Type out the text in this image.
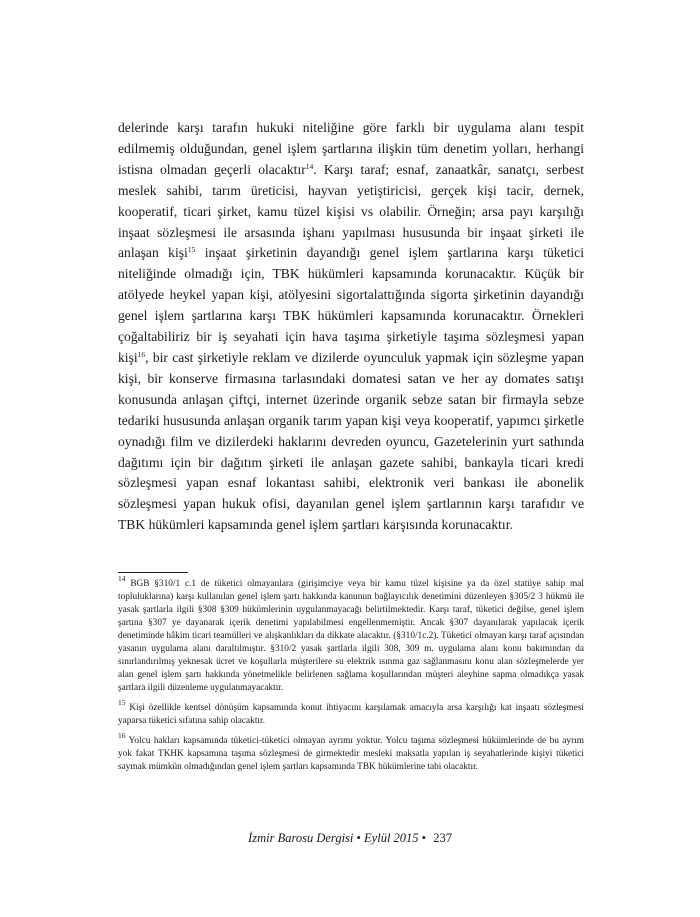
delerinde karşı tarafın hukuki niteliğine göre farklı bir uygulama alanı tespit edilmemiş olduğundan, genel işlem şartlarına ilişkin tüm denetim yolları, herhangi istisna olmadan geçerli olacaktır$^{14}$. Karşı taraf; esnaf, zanaatkâr, sanatçı, serbest meslek sahibi, tarım üreticisi, hayvan yetiştiricisi, gerçek kişi tacir, dernek, kooperatif, ticari şirket, kamu tüzel kişisi vs olabilir. Örneğin; arsa payı karşılığı inşaat sözleşmesi ile arsasında işhanı yapılması hususunda bir inşaat şirketi ile anlaşan kişi$^{15}$ inşaat şirketinin dayandığı genel işlem şartlarına karşı tüketici niteliğinde olmadığı için, TBK hükümleri kapsamında korunacaktır. Küçük bir atölyede heykel yapan kişi, atölyesini sigortalattığında sigorta şirketinin dayandığı genel işlem şartlarına karşı TBK hükümleri kapsamında korunacaktır. Örnekleri çoğaltabiliriz bir iş seyahati için hava taşıma şirketiyle taşıma sözleşmesi yapan kişi$^{16}$, bir cast şirketiyle reklam ve dizilerde oyunculuk yapmak için sözleşme yapan kişi, bir konserve firmasına tarlasındaki domatesi satan ve her ay domates satışı konusunda anlaşan çiftçi, internet üzerinde organik sebze satan bir firmayla sebze tedariki hususunda anlaşan organik tarım yapan kişi veya kooperatif, yapımcı şirketle oynadığı film ve dizilerdeki haklarını devreden oyuncu, Gazetelerinin yurt sathında dağıtımı için bir dağıtım şirketi ile anlaşan gazete sahibi, bankayla ticari kredi sözleşmesi yapan esnaf lokantası sahibi, elektronik veri bankası ile abonelik sözleşmesi yapan hukuk ofisi, dayanılan genel işlem şartlarının karşı tarafıdır ve TBK hükümleri kapsamında genel işlem şartları karşısında korunacaktır.

$^{14}$ BGB §310/1 c.1 de tüketici olmayanlara (girişimciye veya bir kamu tüzel kişisine ya da özel statüye sahip mal topluluklarına) karşı kullanılan genel işlem şartı hakkında kanunun bağlayıcılık denetimini düzenleyen §305/2 3 hükmü ile yasak şartlarla ilgili §308 §309 hükümlerinin uygulanmayacağı belirtilmektedir. Karşı taraf, tüketici değilse, genel işlem şartına §307 ye dayanarak içerik denetimi yapılabilmesi engellenmemiştir. Ancak §307 dayanılarak yapılacak içerik denetiminde hâkim ticari teamülleri ve alışkanlıkları da dikkate alacaktır. (§310/1c.2). Tüketici olmayan karşı taraf açısından yasanın uygulama alanı daraltılmıştır. §310/2 yasak şartlarla ilgili 308, 309 m. uygulama alanı konu bakımından da sınırlandırılmış yeknesak ücret ve koşullarla müşterilere su elektrik ısınma gaz sağlanmasını konu alan sözleşmelerde yer alan genel işlem şartı hakkında yönetmelikle belirlenen sağlama koşullarından müşteri aleyhine sapma olmadıkça yasak şartlara ilgili düzenleme uygulanmayacaktır.

$^{15}$ Kişi özellikle kentsel dönüşüm kapsamında konut ihtiyacını karşılamak amacıyla arsa karşılığı kat inşaatı sözleşmesi yaparsa tüketici sıfatına sahip olacaktır.

$^{16}$ Yolcu hakları kapsamında tüketici-tüketici olmayan ayrımı yoktur. Yolcu taşıma sözleşmesi hükümlerinde de bu ayrım yok fakat TKHK kapsamına taşıma sözleşmesi de girmektedir mesleki maksatla yapılan iş seyahatlerinde kişiyi tüketici saymak mümkün olmadığından genel işlem şartları kapsamında TBK hükümlerine tabi olacaktır.

İzmir Barosu Dergisi • Eylül 2015 • 237
